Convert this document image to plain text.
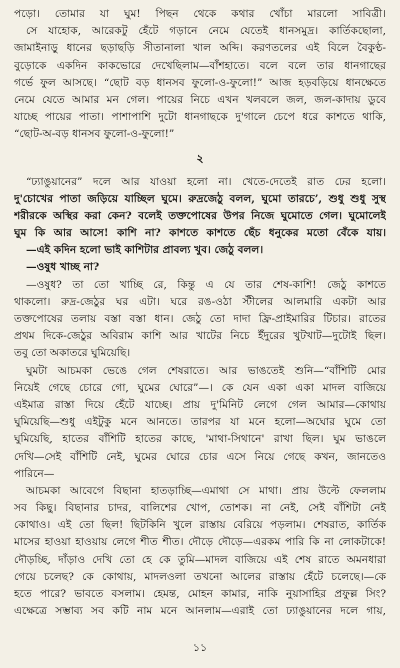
পড়ো। তোমার যা ঘুম! পিছন থেকে কথার খোঁচা মারলো সাবিত্রী।
সে যাহোক, আরেকটু হেঁটে গড়ানে নেমে যেতেই ধানসমুদ্র। কার্তিকছোলা,
জামাইনাড়ু ধানের ছড়াছড়ি সীতানালা খাল অব্দি। করণতলের এই বিলে বৈকুণ্ঠ-
বুড়োকে একদিন কাকভোরে দেখেছিলাম—বাঁশহাতে। বলে বলে তার ধানগাছের
গর্ভে ফুল আসছে। “ছোট বড় ধানসব ফুলো-ও-ফুলো!” আজ হড়বড়িয়ে ধানক্ষেতে
নেমে যেতে আমার মন গেল। পায়ের নিচে এখন খলবলে জল, জল-কাদায় ডুবে
যাচ্ছে পায়ের পাতা। পাশাপাশি দুটো ধানগাছকে দু'গালে চেপে ধরে কাশতে থাকি,
“ছোট-অ-বড় ধানসব ফুলো-ও-ফুলো!”
২
“ঢ্যাঙুয়ানের” দলে আর যাওয়া হলো না। খেতে-দেতেই রাত ঢের হলো।
দু'চোখের পাতা জড়িয়ে যাচ্ছিল ঘুমে। রুদ্রজেঠু বলল, ঘুমো তারচে’, শুধু শুধু সুস্থ
শরীরকে অস্থির করা কেন? বলেই তক্তপোষের উপর নিজে ঘুমোতে গেল। ঘুমোলেই
ঘুম কি আর আসে! কাশি না? কাশতে কাশতে ছেঁচ ধনুকের মতো বেঁকে যায়।
—এই কদিন হলো ভাই কাশিটার প্রাবল্য খুব। জেঠু বলল।
—ওষুধ খাচ্ছ না?
—ওষুধ? তা তো খাচ্ছি রে, কিন্তু এ যে তার শেষ-কাশি! জেঠু কাশতে
থাকলো। রুদ্র-জেঠুর ঘর এটা। ঘরে রঙ-ওঠা স্টীলের আলমারি একটা আর
তক্তপোষের তলায় বস্তা বস্তা ধান। জেঠু তো দাদা ফ্রি-প্রাইমারির টিচার। রাতের
প্রথম দিকে-জেঠুর অবিরাম কাশি আর খাটের নিচে ইঁদুরের খুটখাট—দুটোই ছিল।
তবু তো অকাতরে ঘুমিয়েছি।
ঘুমটা আচমকা ভেঙে গেল শেষরাতে। আর ভাঙতেই শুনি—“বাঁশিটি মোর
নিয়েই গেছে চোরে গো, ঘুমের ঘোরে”—। কে যেন একা একা মাদল বাজিয়ে
এইমাত্র রাস্তা দিয়ে হেঁটে যাচ্ছে। প্রায় দু'মিনিট লেগে গেল আমার—কোথায়
ঘুমিয়েছি—শুধু এইটুকু মনে আনতে। তারপর যা মনে হলো—অঘোর ঘুমে তো
ঘুমিয়েছি, হাতের বাঁশিটি হাতের কাছে, 'মাথা-সিথানে' রাখা ছিল। ঘুম ভাঙলে
দেখি—সেই বাঁশিটি নেই, ঘুমের ঘোরে চোর এসে নিয়ে গেছে কখন, জানতেও
পারিনে—
আচমকা আবেগে বিছানা হাতড়াচ্ছি—এমাথা সে মাথা। প্রায় উল্টে ফেললাম
সব কিছু। বিছানার চাদর, বালিশের খোপ, তোশক। না নেই, সেই বাঁশিটা নেই
কোথাও। এই তো ছিল! ছিটকিনি খুলে রাস্তায় বেরিয়ে পড়লাম। শেষরাত, কার্তিক
মাসের হাওয়া হাওয়ায় লেগে শীত শীত। দৌড়ে দৌড়ে—এরকম পারি কি না লোকটাকে!
দৌড়চ্ছি, দাঁড়াও দেখি তো হে কে তুমি—মাদল বাজিয়ে এই শেষ রাতে অমনধারা
গেয়ে চলেছ? কে কোথায়, মাদলওলা তখনো আলের রাস্তায় হেঁটে চলেছে।—কে
হতে পারে? ভাবতে বসলাম। হেমন্ত, মোহন কামার, নাকি নুয়াসাহির প্রফুল্ল সিং?
এক্ষেত্রে সম্ভাব্য সব কটি নাম মনে আনলাম—এরাই তো ঢ্যাঙুয়ানের দলে গায়,
১১
